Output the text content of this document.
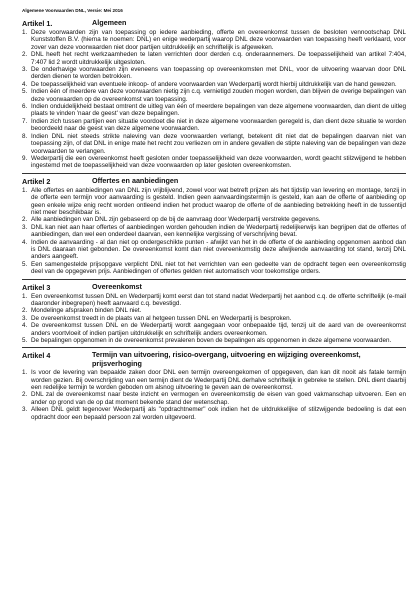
Algemene Voorwaarden DNL, Versie: Mei 2016
Artikel 1.	Algemeen
1. Deze voorwaarden zijn van toepassing op iedere aanbieding, offerte en overeenkomst tussen de besloten vennootschap DNL Kunststoffen B.V. (hierna te noemen: DNL) en enige wederpartij waarop DNL deze voorwaarden van toepassing heeft verklaard, voor zover van deze voorwaarden niet door partijen uitdrukkelijk en schriftelijk is afgeweken.
2. DNL heeft het recht werkzaamheden te laten verrichten door derden c.q. onderaannemers. De toepasselijkheid van artikel 7:404, 7:407 lid 2 wordt uitdrukkelijk uitgesloten.
3. De onderhavige voorwaarden zijn eveneens van toepassing op overeenkomsten met DNL, voor de uitvoering waarvan door DNL derden dienen te worden betrokken.
4. De toepasselijkheid van eventuele inkoop- of andere voorwaarden van Wederpartij wordt hierbij uitdrukkelijk van de hand gewezen.
5. Indien één of meerdere van deze voorwaarden nietig zijn c.q. vernietigd zouden mogen worden, dan blijven de overige bepalingen van deze voorwaarden op de overeenkomst van toepassing.
6. Indien onduidelijkheid bestaat omtrent de uitleg van één of meerdere bepalingen van deze algemene voorwaarden, dan dient de uitleg plaats te vinden 'naar de geest' van deze bepalingen.
7. Indien zich tussen partijen een situatie voordoet die niet in deze algemene voorwaarden geregeld is, dan dient deze situatie te worden beoordeeld naar de geest van deze algemene voorwaarden.
8. Indien DNL niet steeds strikte naleving van deze voorwaarden verlangt, betekent dit niet dat de bepalingen daarvan niet van toepassing zijn, of dat DNL in enige mate het recht zou verliezen om in andere gevallen de stipte naleving van de bepalingen van deze voorwaarden te verlangen.
9. Wederpartij die een overeenkomst heeft gesloten onder toepasselijkheid van deze voorwaarden, wordt geacht stilzwijgend te hebben ingestemd met de toepasselijkheid van deze voorwaarden op later gesloten overeenkomsten.
Artikel 2	Offertes en aanbiedingen
1. Alle offertes en aanbiedingen van DNL zijn vrijblijvend, zowel voor wat betreft prijzen als het tijdstip van levering en montage, tenzij in de offerte een termijn voor aanvaarding is gesteld. Indien geen aanvaardingstermijn is gesteld, kan aan de offerte of aanbieding op geen enkele wijze enig recht worden ontleend indien het product waarop de offerte of de aanbieding betrekking heeft in de tussentijd niet meer beschikbaar is.
2. Alle aanbiedingen van DNL zijn gebaseerd op de bij de aanvraag door Wederpartij verstrekte gegevens.
3. DNL kan niet aan haar offertes of aanbiedingen worden gehouden indien de Wederpartij redelijkerwijs kan begrijpen dat de offertes of aanbiedingen, dan wel een onderdeel daarvan, een kennelijke vergissing of verschrijving bevat.
4. Indien de aanvaarding - al dan niet op ondergeschikte punten - afwijkt van het in de offerte of de aanbieding opgenomen aanbod dan is DNL daaraan niet gebonden. De overeenkomst komt dan niet overeenkomstig deze afwijkende aanvaarding tot stand, tenzij DNL anders aangeeft.
5. Een samengestelde prijsopgave verplicht DNL niet tot het verrichten van een gedeelte van de opdracht tegen een overeenkomstig deel van de opgegeven prijs. Aanbiedingen of offertes gelden niet automatisch voor toekomstige orders.
Artikel 3	Overeenkomst
1. Een overeenkomst tussen DNL en Wederpartij komt eerst dan tot stand nadat Wederpartij het aanbod c.q. de offerte schriftelijk (e-mail daaronder inbegrepen) heeft aanvaard c.q. bevestigd.
2. Mondelinge afspraken binden DNL niet.
3. De overeenkomst treedt in de plaats van al hetgeen tussen DNL en Wederpartij is besproken.
4. De overeenkomst tussen DNL en de Wederpartij wordt aangegaan voor onbepaalde tijd, tenzij uit de aard van de overeenkomst anders voortvloeit of indien partijen uitdrukkelijk en schriftelijk anders overeenkomen.
5. De bepalingen opgenomen in de overeenkomst prevaleren boven de bepalingen als opgenomen in deze algemene voorwaarden.
Artikel 4	Termijn van uitvoering, risico-overgang, uitvoering en wijziging overeenkomst, prijsverhoging
1. Is voor de levering van bepaalde zaken door DNL een termijn overeengekomen of opgegeven, dan kan dit nooit als fatale termijn worden gezien. Bij overschrijding van een termijn dient de Wederpartij DNL derhalve schriftelijk in gebreke te stellen. DNL dient daarbij een redelijke termijn te worden geboden om alsnog uitvoering te geven aan de overeenkomst.
2. DNL zal de overeenkomst naar beste inzicht en vermogen en overeenkomstig de eisen van goed vakmanschap uitvoeren. Een en ander op grond van de op dat moment bekende stand der wetenschap.
3. Alleen DNL geldt tegenover Wederpartij als "opdrachtnemer" ook indien het de uitdrukkelijke of stilzwijgende bedoeling is dat een opdracht door een bepaald persoon zal worden uitgevoerd.
